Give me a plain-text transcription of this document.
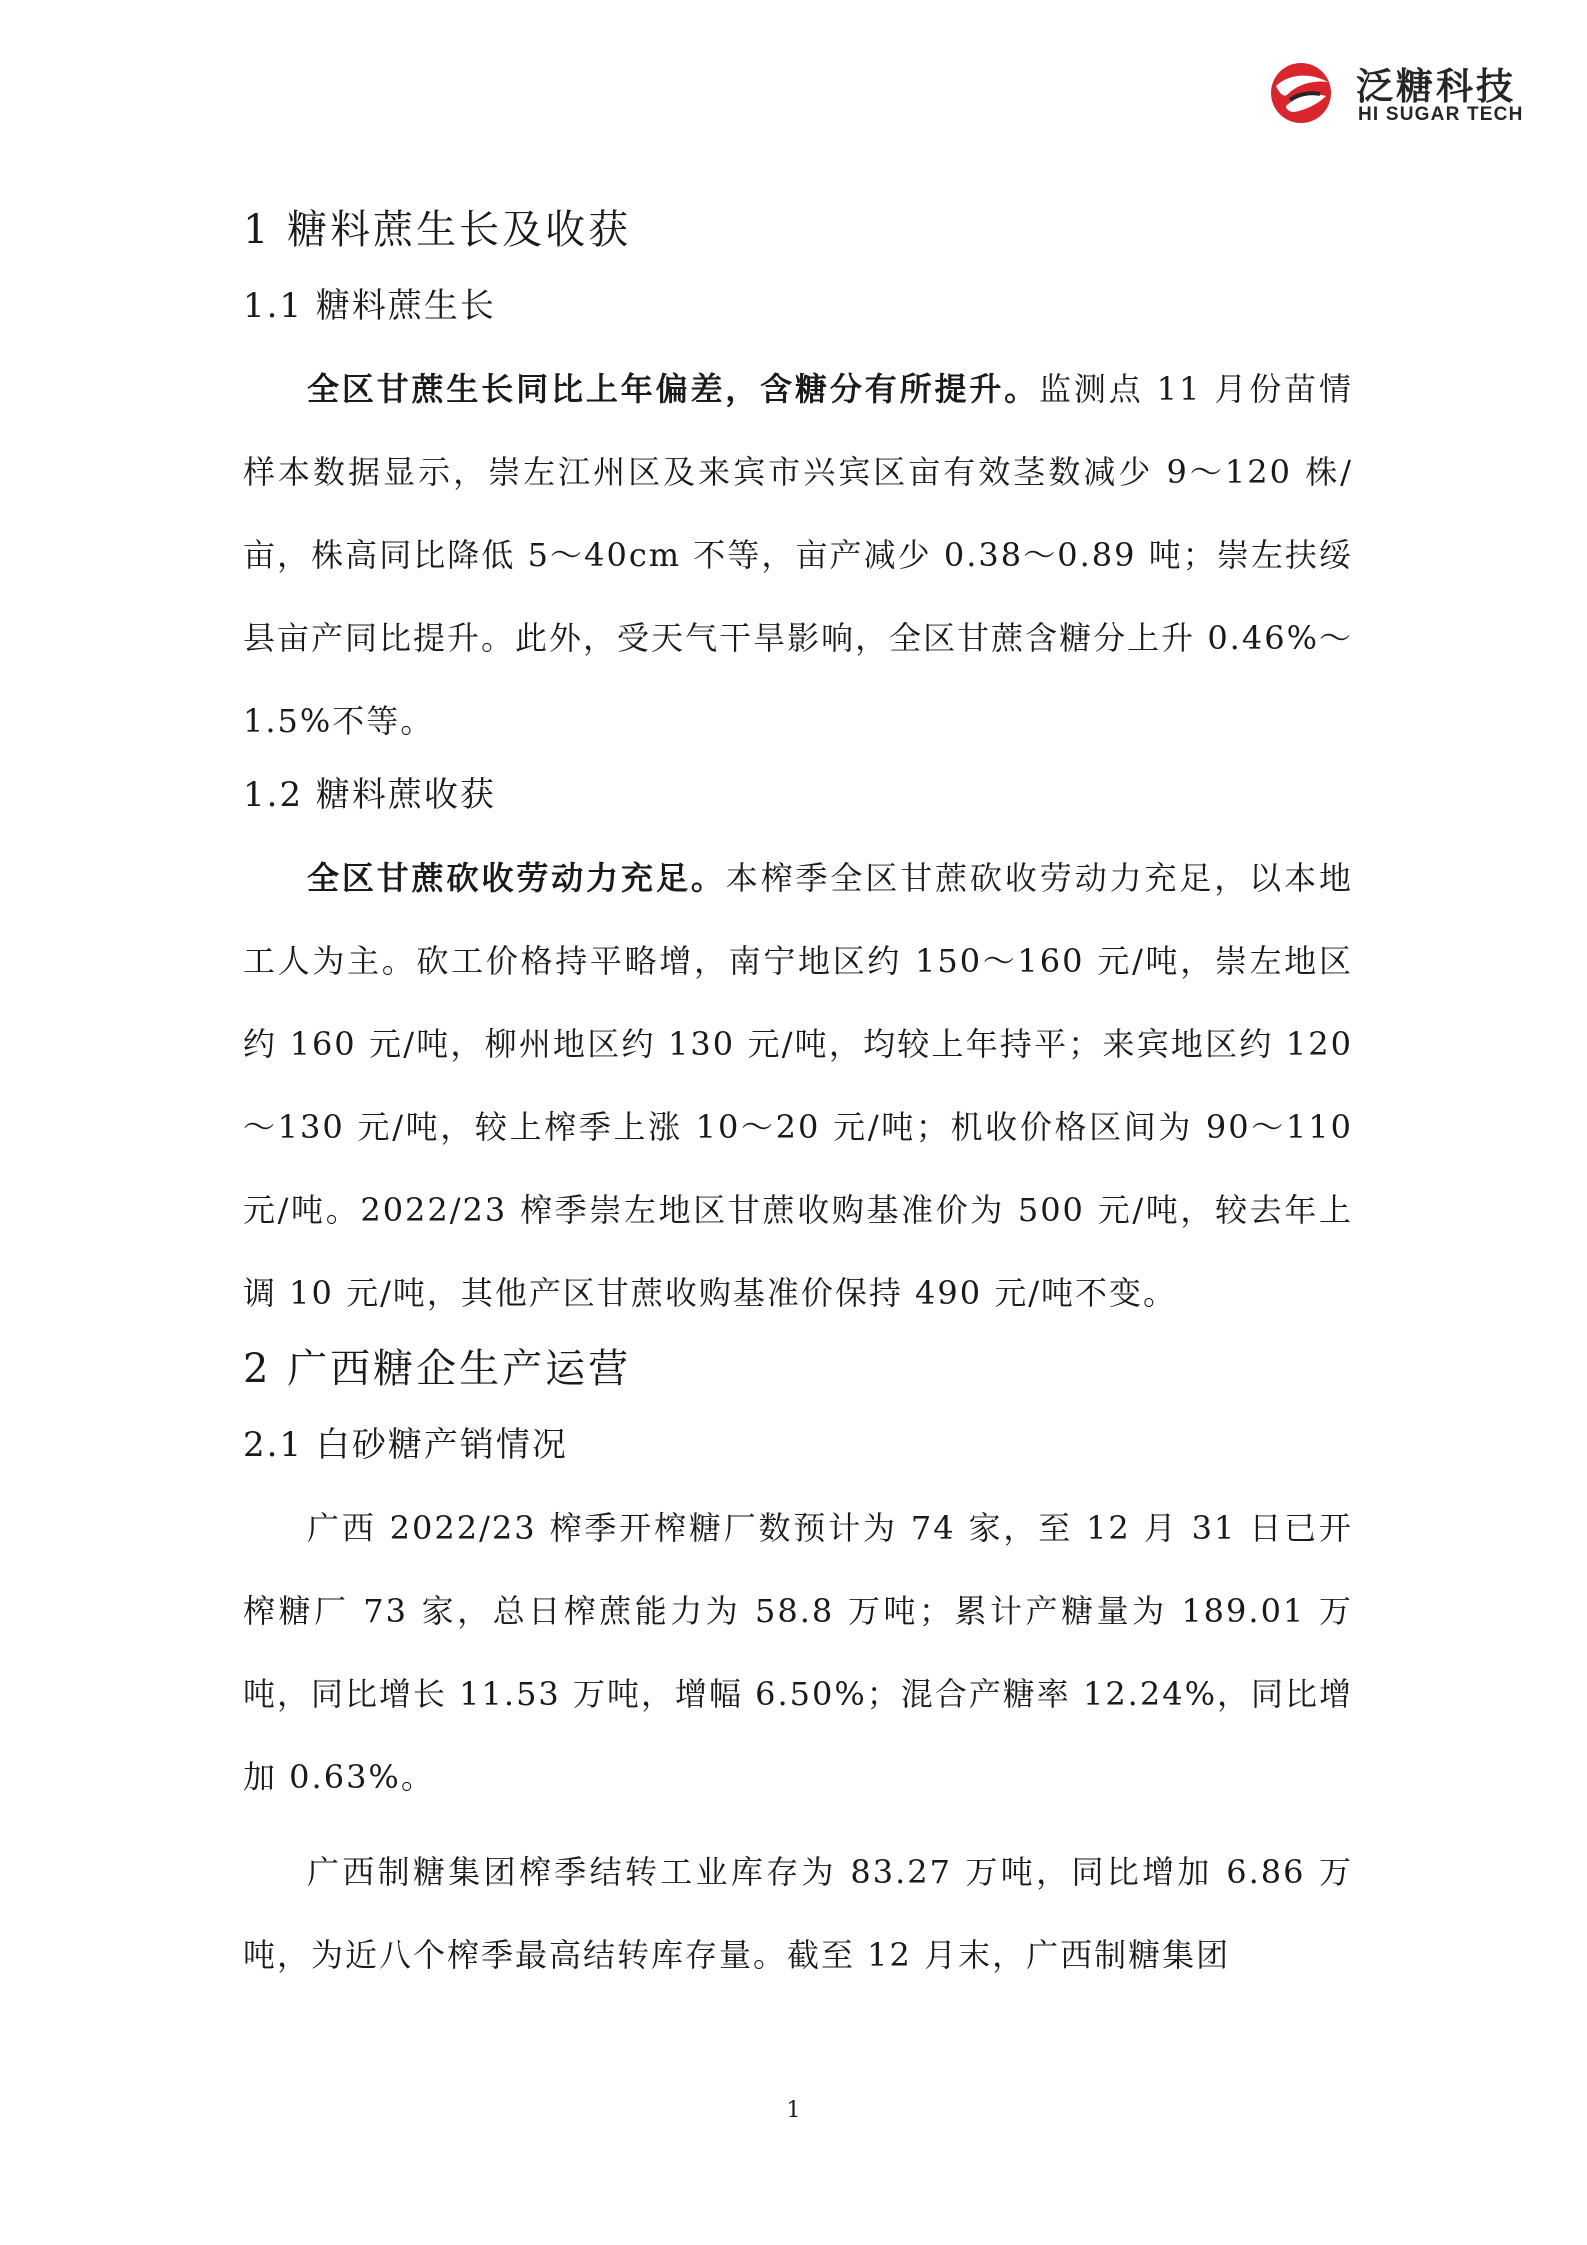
泛糖科技
HI SUGAR TECH
1 糖料蔗生长及收获
1.1 糖料蔗生长

全区甘蔗生长同比上年偏差，含糖分有所提升。监测点 11 月份苗情样本数据显示，崇左江州区及来宾市兴宾区亩有效茎数减少 9～120 株/亩，株高同比降低 5～40cm 不等，亩产减少 0.38～0.89 吨；崇左扶绥县亩产同比提升。此外，受天气干旱影响，全区甘蔗含糖分上升 0.46%～1.5%不等。

1.2 糖料蔗收获

全区甘蔗砍收劳动力充足。本榨季全区甘蔗砍收劳动力充足，以本地工人为主。砍工价格持平略增，南宁地区约 150～160 元/吨，崇左地区约 160 元/吨，柳州地区约 130 元/吨，均较上年持平；来宾地区约 120～130 元/吨，较上榨季上涨 10～20 元/吨；机收价格区间为 90～110 元/吨。2022/23 榨季崇左地区甘蔗收购基准价为 500 元/吨，较去年上调 10 元/吨，其他产区甘蔗收购基准价保持 490 元/吨不变。

2 广西糖企生产运营
2.1 白砂糖产销情况

广西 2022/23 榨季开榨糖厂数预计为 74 家，至 12 月 31 日已开榨糖厂 73 家，总日榨蔗能力为 58.8 万吨；累计产糖量为 189.01 万吨，同比增长 11.53 万吨，增幅 6.50%；混合产糖率 12.24%，同比增加 0.63%。

广西制糖集团榨季结转工业库存为 83.27 万吨，同比增加 6.86 万吨，为近八个榨季最高结转库存量。截至 12 月末，广西制糖集团

1
